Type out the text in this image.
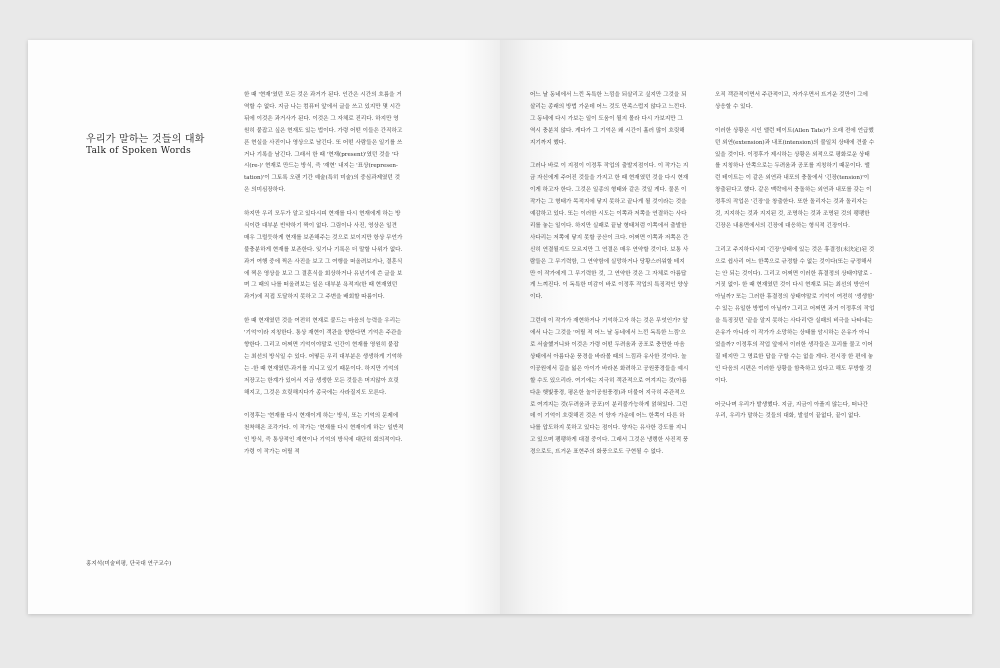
우리가 말하는 것들의 대화
Talk of Spoken Words
홍지석(미술비평, 단국대 연구교수)

한 때 '현재'였던 모든 것은 과거가 된다. 인간은 시간의 흐름을 거역할 수 없다. 지금 나는 컴퓨터 앞에서 글을 쓰고 있지만 몇 시간 뒤에 이것은 과거사가 된다. 이것은 그 자체로 진리다. 하지만 영원히 붙잡고 싶은 현재도 있는 법이다. 가령 어떤 이들은 간직하고픈 현실을 사진이나 영상으로 남긴다. 또 어떤 사람들은 일기를 쓰거나 기록을 남긴다. 그래서 한 때 '현재(present)'였던 것을 '다시(re-)' 현재로 만드는 방식, 즉 '재현' 내지는 '표상(represen-tation)'이 그토록 오랜 기간 예술(특히 미술)의 중심과제였던 것은 의미심장하다.

하지만 우리 모두가 알고 있다시피 현재를 다시 현재에게 하는 방식이란 대부분 빈약하기 짝이 없다. 그림이나 사진, 영상은 일견 매우 그럴듯하게 현재를 보존해주는 것으로 보이지만 항상 무언가 불충분하게 현재를 보존한다. 잊기나 기록은 더 말할 나위가 없다. 과거 여행 중에 찍은 사진을 보고 그 여행을 떠올려보거나, 결혼식에 찍은 영상을 보고 그 결혼식을 회상하거나 유년기에 쓴 글을 보며 그 때의 나를 떠올려보는 일은 대부분 욕적지(한 때 현재였던 과거)에 직접 도달하지 못하고 그 주변을 배회할 따름이다.

한 때 현재였던 것을 여전히 현재로 붙드는 마음의 능력을 우리는 '기억'이라 지칭한다. 통상 재현이 객관을 향한다면 기억은 주관을 향한다. 그리고 어쩌면 기억이야말로 인간이 현재를 영원히 붙잡는 최선의 방식일 수 있다. 어떻든 우리 대부분은 생생하게 기억하는 -한 때 현재였던-과거를 지니고 있기 때문이다. 하지만 기억의 저장고는 한계가 있어서 지금 생생한 모든 것들은 머지않아 흐릿해지고, 그것은 흐릿해지다가 종국에는 사라질지도 모른다.

이정후는 '현재를 다시 현재이게 하는' 방식, 또는 기억의 문제에 천착해온 조각가다. 이 작가는 '현재를 다시 현재이게 하는' 일반적인 방식, 즉 통상적인 재현이나 기억의 방식에 대단히 회의적이다. 가령 이 작가는 어릴 적

어느 날 동네에서 느낀 독특한 느낌을 되살리고 싶지만 그것을 되살리는 종래의 방법 가운데 어느 것도 만족스럽지 않다고 느낀다. 그 동네에 다시 가보는 일이 도움이 될지 몰라 다시 가보지만 그 역시 충분치 않다. 게다가 그 기억은 왜 시간이 흘러 많이 흐릿해지기까지 했다.

그러나 바로 이 지점이 이정후 작업의 출발지점이다. 이 작가는 지금 자신에게 주어진 것들을 가지고 한 때 현재였던 것을 다시 현재이게 하고자 한다. 그것은 일종의 형태와 같은 것일 게다. 물론 이 작가는 그 형태가 목적지에 닿지 못하고 끝나게 될 것이라는 것을 예감하고 있다. 또는 이러한 시도는 이쪽과 저쪽을 연결하는 사다리를 놓는 일이다. 하지만 실패로 끝날 형태처럼 이쪽에서 출발한 사다리는 저쪽에 닿지 못할 공산이 크다. 어쩌면 이쪽과 저쪽은 간신히 연결될지도 모르지만 그 연결은 매우 연약할 것이다. 보통 사람들은 그 무기력함, 그 연약함에 실망하거나 당황스러워할 테지만 이 작가에게 그 무기력한 것, 그 연약한 것은 그 자체로 아름답게 느껴진다. 이 독특한 미감이 바로 이정후 작업의 특징적인 양상이다.

그런데 이 작가가 재현하거나 기억하고자 하는 것은 무엇인가? 앞에서 나는 그것을 '어릴 적 어느 날 동네에서 느낀 독특한 느낌'으로 서술했거니와 이것은 가령 어떤 두려움과 공포로 충만한 마음 상태에서 아름다운 풍경을 바라볼 때의 느낌과 유사한 것이다. 놀이공원에서 길을 잃은 아이가 바라본 화려하고 공원풍경들을 예시할 수도 있으리라. 여기에는 지극히 객관적으로 여겨지는 것(아름다운 햇빛풍경, 평온한 놀이공원풍경)과 더불어 지극히 주관적으로 여겨지는 것(두려움과 공포)이 분리불가능하게 얽혀있다. 그런데 이 기억이 흐릿해진 것은 이 양자 가운데 어느 한쪽이 다른 하나를 압도하지 못하고 있다는 점이다. 양자는 유사한 강도를 지니고 있으며 팽팽하게 대결 중이다. 그래서 그것은 냉랭한 사진적 풍경으로도, 뜨거운 표현주의 화풍으로도 구현될 수 없다.

오직 객관적이면서 주관적이고, 자가우면서 뜨거운 것만이 그에 상응할 수 있다.

이러한 상황은 시인 앨런 테이트(Allen Tate)가 오래 전에 언급했던 외연(extension)과 내포(intension)의 불일치 상태에 견줄 수 있을 것이다. 이정후가 제시하는 상황은 외적으로 평화로운 상태를 지칭하나 안쪽으로는 두려움과 공포를 지칭하기 때문이다. 앨런 테이트는 이 같은 외연과 내포의 충돌에서 '긴장(tension)'이 창출된다고 했다. 같은 맥락에서 충돌하는 외연과 내포를 갖는 이정후의 작업은 '긴장'을 창출한다. 또한 돌리자는 것과 돌리자는 것, 지지하는 것과 지지된 것, 조명하는 것과 조명된 것의 팽팽한 긴장은 내용면에서의 긴장에 대응하는 형식적 긴장이다.

그리고 주지하다시피 '긴장'상태에 있는 것은 휴결정(未決定)된 것으로 쉽사리 어느 한쪽으로 규정할 수 없는 것이다(또는 규정해서는 안 되는 것이다). 그리고 어쩌면 이러한 휴결정의 상태야말로 -거짓 없이- 한 때 현재였던 것이 다시 현재로 되는 최선의 방안이 아닐까? 또는 그러한 휴결정의 상태야말로 기억이 여전히 '생생함' 수 있는 유일한 방법이 아닐까? 그리고 어쩌면 과거 이정후의 작업을 특징짓던 '끝을 알지 못하는 사다리'란 실패의 비극을 나타내는 은유가 아니라 이 작가가 소망하는 상태를 암시하는 은유가 아니었을까? 이정후의 작업 앞에서 이러한 생각들은 꼬리를 물고 이어질 테지만 그 명료한 답을 구할 수는 없을 게다. 전시장 한 편에 놓인 다음의 시편은 이러한 상황을 함축하고 있다고 해도 무방할 것이다.

어긋나며 우리가 발생했다. 지금, 지금이 아플지 않는다, 떠나간 우리, 우리가 말하는 것들의 대화, 발설이 끝없다, 끝이 없다.
